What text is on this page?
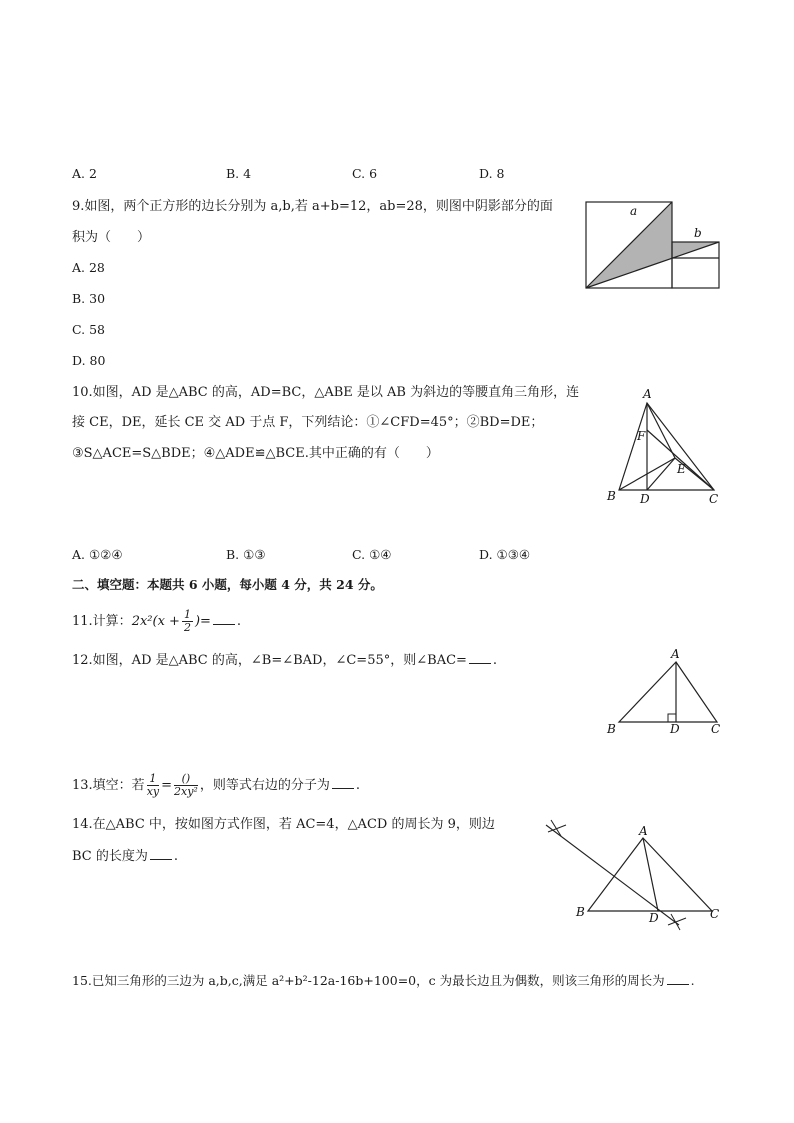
A. 2	B. 4	C. 6	D. 8
9.如图，两个正方形的边长分别为 a,b,若 a+b=12，ab=28，则图中阴影部分的面
积为（　　）
A. 28
B. 30
C. 58
D. 80
a
b
10.如图，AD 是△ABC 的高，AD=BC，△ABE 是以 AB 为斜边的等腰直角三角形，连
接 CE，DE，延长 CE 交 AD 于点 F，下列结论：①∠CFD=45°；②BD=DE；
③S△ACE=S△BDE；④△ADE≌△BCE.其中正确的有（　　）
A
B	C
D
E
F
A. ①②④	B. ①③	C. ①④	D. ①③④
二、填空题：本题共 6 小题，每小题 4 分，共 24 分。
11.计算：$2x^2(x + \frac{1}{2}$ )= .
12.如图，AD 是△ABC 的高，∠B=∠BAD，∠C=55°，则∠BAC= .	A
B	C
D
13.填空：若 $\frac{1}{xy} = \frac{()}{\text{2xy²}}$ ，则等式右边的分子为 .
14.在△ABC 中，按如图方式作图，若 AC=4，△ACD 的周长为 9，则边
BC 的长度为 .
A
B	C
D
15.已知三角形的三边为 a,b,c,满足 a²+b²-12a-16b+100=0，c 为最长边且为偶数，则该三角形的周长为 .
